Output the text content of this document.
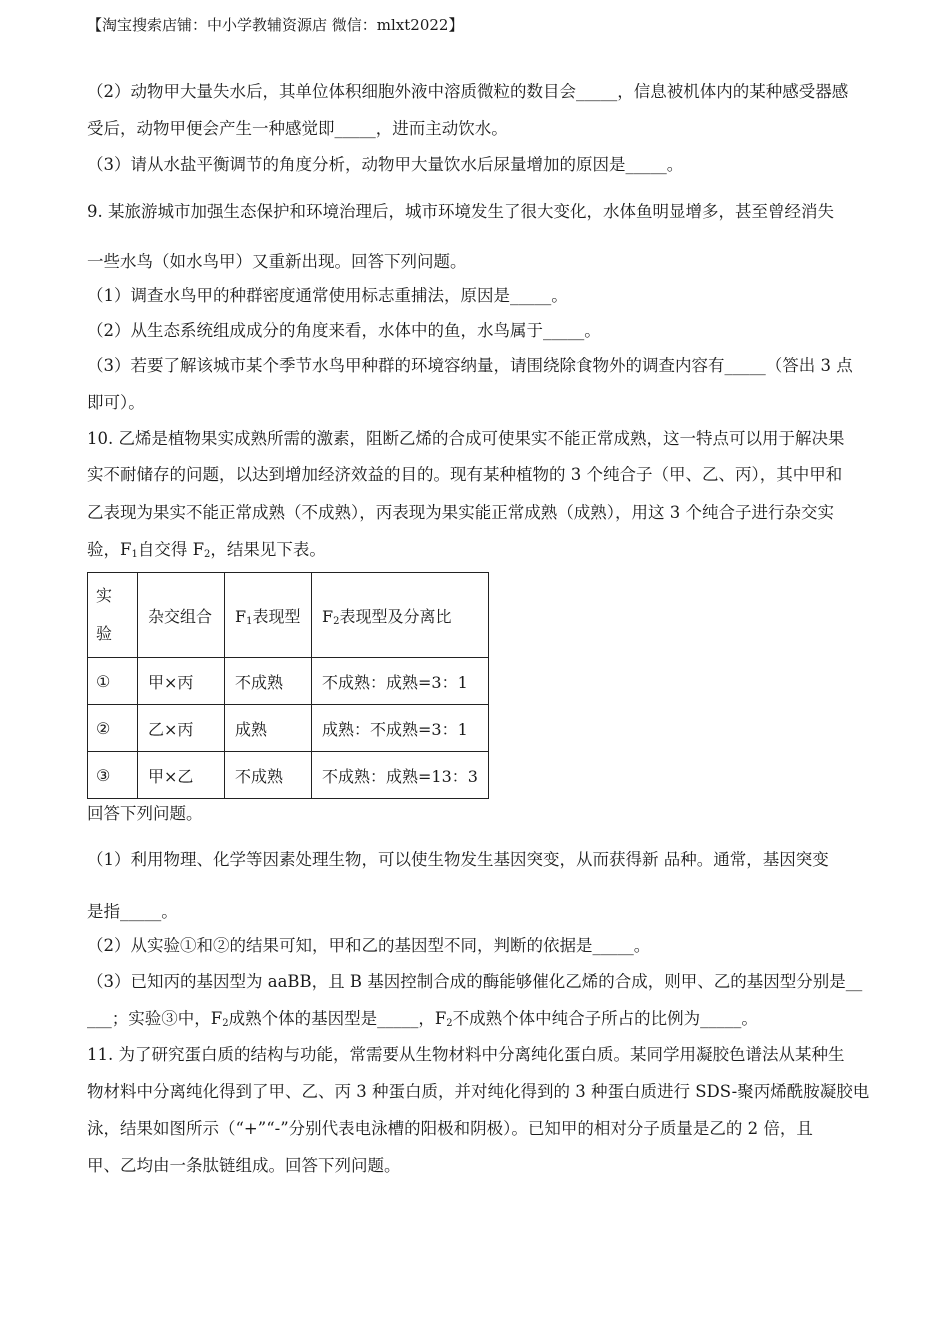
【淘宝搜索店铺：中小学教辅资源店 微信：mlxt2022】
（2）动物甲大量失水后，其单位体积细胞外液中溶质微粒的数目会_____，信息被机体内的某种感受器感
受后，动物甲便会产生一种感觉即_____，进而主动饮水。
（3）请从水盐平衡调节的角度分析，动物甲大量饮水后尿量增加的原因是_____。
9. 某旅游城市加强生态保护和环境治理后，城市环境发生了很大变化，水体鱼明显增多，甚至曾经消失
一些水鸟（如水鸟甲）又重新出现。回答下列问题。
（1）调查水鸟甲的种群密度通常使用标志重捕法，原因是_____。
（2）从生态系统组成成分的角度来看，水体中的鱼，水鸟属于_____。
（3）若要了解该城市某个季节水鸟甲种群的环境容纳量，请围绕除食物外的调查内容有_____（答出 3 点
即可）。
10. 乙烯是植物果实成熟所需的激素，阻断乙烯的合成可使果实不能正常成熟，这一特点可以用于解决果
实不耐储存的问题，以达到增加经济效益的目的。现有某种植物的 3 个纯合子（甲、乙、丙），其中甲和
乙表现为果实不能正常成熟（不成熟），丙表现为果实能正常成熟（成熟），用这 3 个纯合子进行杂交实
验，$F_1$自交得 $F_2$，结果见下表。
实
验	杂交组合	$F_1$表现型	$F_2$表现型及分离比
①	甲×丙	不成熟	不成熟：成熟=3：1
②	乙×丙	成熟	成熟：不成熟=3：1
③	甲×乙	不成熟	不成熟：成熟=13：3
回答下列问题。
（1）利用物理、化学等因素处理生物，可以使生物发生基因突变，从而获得新 品种。通常，基因突变
是指_____。
（2）从实验①和②的结果可知，甲和乙的基因型不同，判断的依据是_____。
（3）已知丙的基因型为 aaBB，且 B 基因控制合成的酶能够催化乙烯的合成，则甲、乙的基因型分别是__
___；实验③中，$F_2$成熟个体的基因型是_____，$F_2$不成熟个体中纯合子所占的比例为_____。
11. 为了研究蛋白质的结构与功能，常需要从生物材料中分离纯化蛋白质。某同学用凝胶色谱法从某种生
物材料中分离纯化得到了甲、乙、丙 3 种蛋白质，并对纯化得到的 3 种蛋白质进行 SDS-聚丙烯酰胺凝胶电
泳，结果如图所示（“+”“-”分别代表电泳槽的阳极和阴极）。已知甲的相对分子质量是乙的 2 倍，且
甲、乙均由一条肽链组成。回答下列问题。
